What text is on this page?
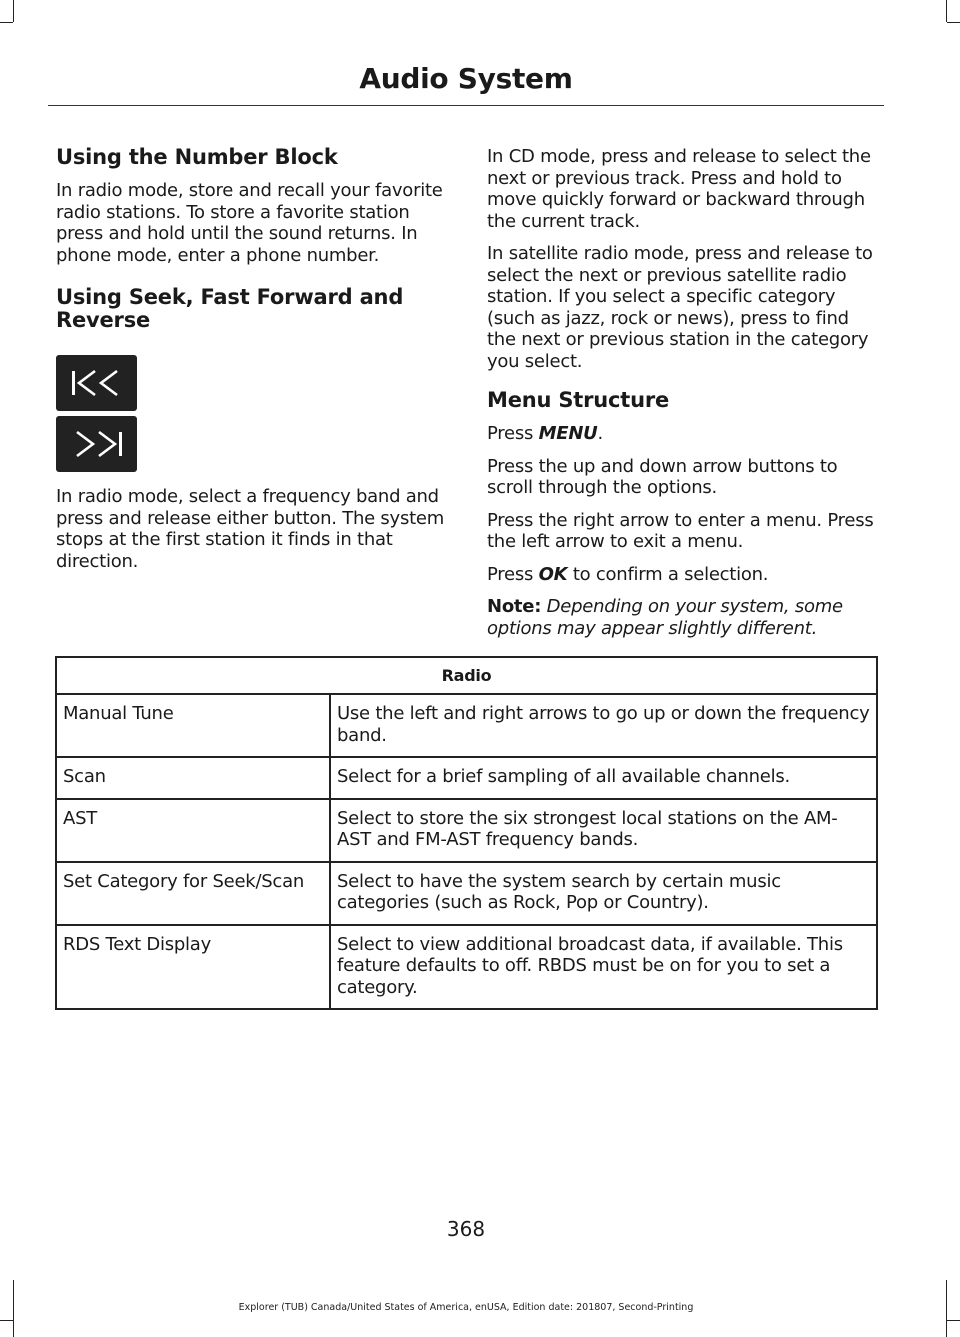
Audio System
Using the Number Block

In radio mode, store and recall your favorite radio stations. To store a favorite station press and hold until the sound returns. In phone mode, enter a phone number.

Using Seek, Fast Forward and Reverse

In radio mode, select a frequency band and press and release either button. The system stops at the first station it finds in that direction.

In CD mode, press and release to select the next or previous track. Press and hold to move quickly forward or backward through the current track.

In satellite radio mode, press and release to select the next or previous satellite radio station. If you select a specific category (such as jazz, rock or news), press to find the next or previous station in the category you select.

Menu Structure

Press MENU.

Press the up and down arrow buttons to scroll through the options.

Press the right arrow to enter a menu. Press the left arrow to exit a menu.

Press OK to confirm a selection.

Note: Depending on your system, some options may appear slightly different.

Radio	
Manual Tune	Use the left and right arrows to go up or down the frequency band.
Scan	Select for a brief sampling of all available channels.
AST	Select to store the six strongest local stations on the AM-AST and FM-AST frequency bands.
Set Category for Seek/Scan	Select to have the system search by certain music categories (such as Rock, Pop or Country).
RDS Text Display	Select to view additional broadcast data, if available. This feature defaults to off. RBDS must be on for you to set a category.
368
Explorer (TUB) Canada/United States of America, enUSA, Edition date: 201807, Second-Printing
